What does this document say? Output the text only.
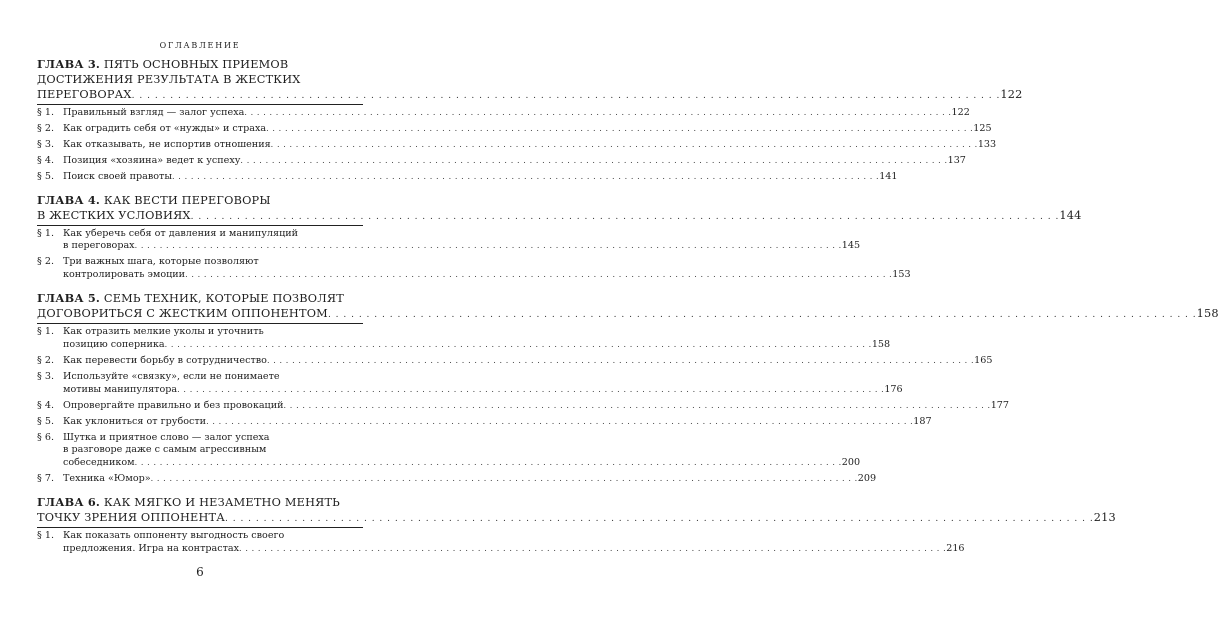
ОГЛАВЛЕНИЕ
ГЛАВА 3. ПЯТЬ ОСНОВНЫХ ПРИЕМОВ
ДОСТИЖЕНИЯ РЕЗУЛЬТАТА В ЖЕСТКИХ
ПЕРЕГОВОРАХ . . .	122
§ 1. Правильный взгляд — залог успеха . . .	122
§ 2. Как оградить себя от «нужды» и страха . . .	125
§ 3. Как отказывать, не испортив отношения . . .	133
§ 4. Позиция «хозяина» ведет к успеху . . .	137
§ 5. Поиск своей правоты . . .	141
ГЛАВА 4. КАК ВЕСТИ ПЕРЕГОВОРЫ
В ЖЕСТКИХ УСЛОВИЯХ . . .	144
§ 1. Как уберечь себя от давления и манипуляций
в переговорах . . .	145
§ 2. Три важных шага, которые позволяют
контролировать эмоции . . .	153
ГЛАВА 5. СЕМЬ ТЕХНИК, КОТОРЫЕ ПОЗВОЛЯТ
ДОГОВОРИТЬСЯ С ЖЕСТКИМ ОППОНЕНТОМ . . .	158
§ 1. Как отразить мелкие уколы и уточнить
позицию соперника . . .	158
§ 2. Как перевести борьбу в сотрудничество . . .	165
§ 3. Используйте «связку», если не понимаете
мотивы манипулятора . . .	176
§ 4. Опровергайте правильно и без провокаций . . .	177
§ 5. Как уклониться от грубости . . .	187
§ 6. Шутка и приятное слово — залог успеха
в разговоре даже с самым агрессивным
собеседником . . .	200
§ 7. Техника «Юмор» . . .	209
ГЛАВА 6. КАК МЯГКО И НЕЗАМЕТНО МЕНЯТЬ
ТОЧКУ ЗРЕНИЯ ОППОНЕНТА . . .	213
§ 1. Как показать оппоненту выгодность своего
предложения. Игра на контрастах . . .	216
6
